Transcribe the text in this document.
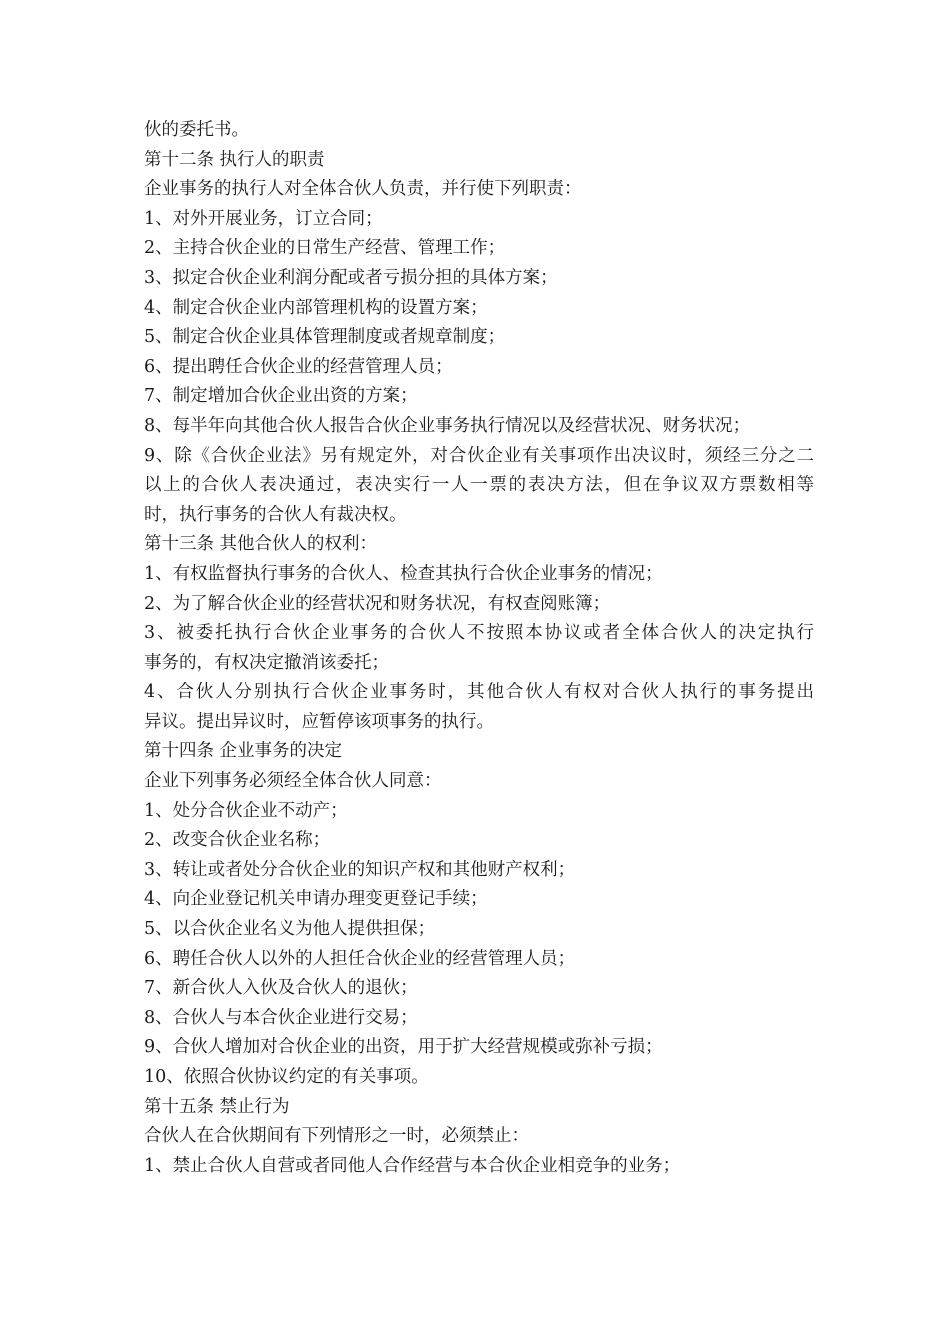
伙的委托书。
第十二条 执行人的职责
企业事务的执行人对全体合伙人负责，并行使下列职责：
1、对外开展业务，订立合同；
2、主持合伙企业的日常生产经营、管理工作；
3、拟定合伙企业利润分配或者亏损分担的具体方案；
4、制定合伙企业内部管理机构的设置方案；
5、制定合伙企业具体管理制度或者规章制度；
6、提出聘任合伙企业的经营管理人员；
7、制定增加合伙企业出资的方案；
8、每半年向其他合伙人报告合伙企业事务执行情况以及经营状况、财务状况；
9、除《合伙企业法》另有规定外，对合伙企业有关事项作出决议时，须经三分之二
以上的合伙人表决通过，表决实行一人一票的表决方法，但在争议双方票数相等
时，执行事务的合伙人有裁决权。
第十三条 其他合伙人的权利：
1、有权监督执行事务的合伙人、检查其执行合伙企业事务的情况；
2、为了解合伙企业的经营状况和财务状况，有权查阅账簿；
3、被委托执行合伙企业事务的合伙人不按照本协议或者全体合伙人的决定执行
事务的，有权决定撤消该委托；
4、合伙人分别执行合伙企业事务时，其他合伙人有权对合伙人执行的事务提出
异议。提出异议时，应暂停该项事务的执行。
第十四条 企业事务的决定
企业下列事务必须经全体合伙人同意：
1、处分合伙企业不动产；
2、改变合伙企业名称；
3、转让或者处分合伙企业的知识产权和其他财产权利；
4、向企业登记机关申请办理变更登记手续；
5、以合伙企业名义为他人提供担保；
6、聘任合伙人以外的人担任合伙企业的经营管理人员；
7、新合伙人入伙及合伙人的退伙；
8、合伙人与本合伙企业进行交易；
9、合伙人增加对合伙企业的出资，用于扩大经营规模或弥补亏损；
10、依照合伙协议约定的有关事项。
第十五条 禁止行为
合伙人在合伙期间有下列情形之一时，必须禁止：
1、禁止合伙人自营或者同他人合作经营与本合伙企业相竞争的业务；
